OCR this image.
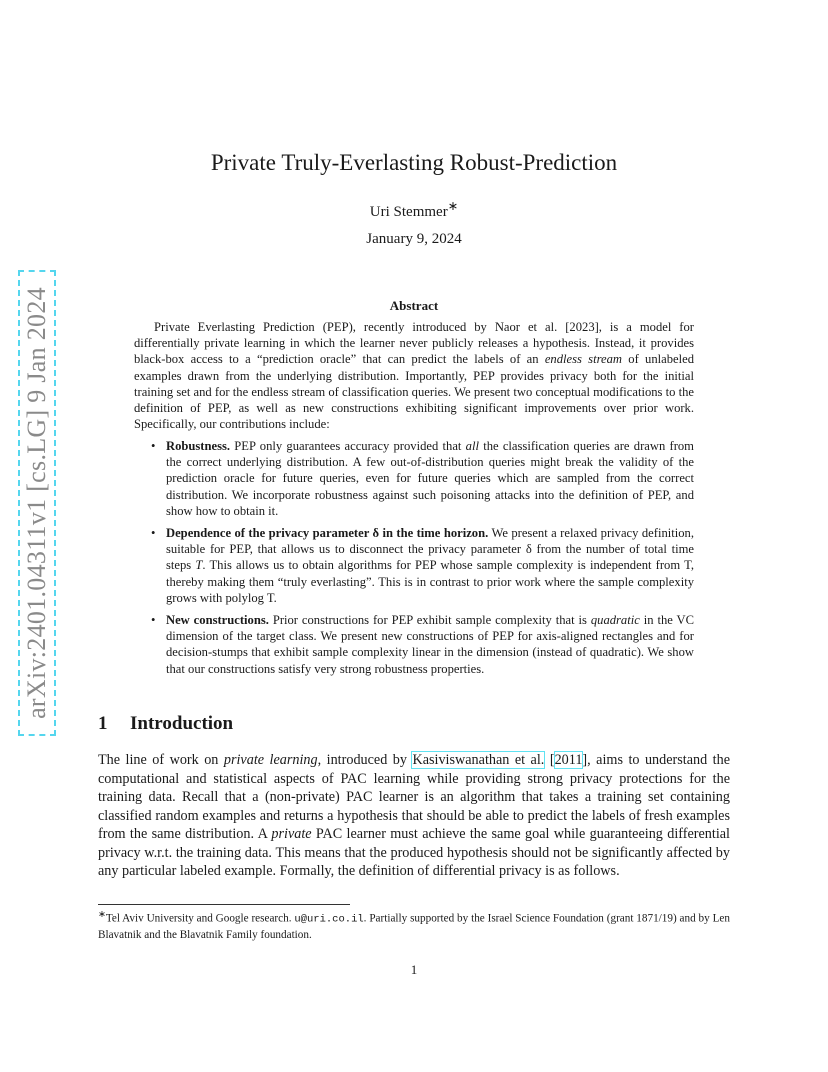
arXiv:2401.04311v1 [cs.LG] 9 Jan 2024
Private Truly-Everlasting Robust-Prediction
Uri Stemmer∗
January 9, 2024
Abstract

Private Everlasting Prediction (PEP), recently introduced by Naor et al. [2023], is a model for differentially private learning in which the learner never publicly releases a hypothesis. Instead, it provides black-box access to a “prediction oracle” that can predict the labels of an endless stream of unlabeled examples drawn from the underlying distribution. Importantly, PEP provides privacy both for the initial training set and for the endless stream of classification queries. We present two conceptual modifications to the definition of PEP, as well as new constructions exhibiting significant improvements over prior work. Specifically, our contributions include:

• Robustness. PEP only guarantees accuracy provided that all the classification queries are drawn from the correct underlying distribution. A few out-of-distribution queries might break the validity of the prediction oracle for future queries, even for future queries which are sampled from the correct distribution. We incorporate robustness against such poisoning attacks into the definition of PEP, and show how to obtain it.
• Dependence of the privacy parameter δ in the time horizon. We present a relaxed privacy definition, suitable for PEP, that allows us to disconnect the privacy parameter δ from the number of total time steps T. This allows us to obtain algorithms for PEP whose sample complexity is independent from T, thereby making them “truly everlasting”. This is in contrast to prior work where the sample complexity grows with polylog T.
• New constructions. Prior constructions for PEP exhibit sample complexity that is quadratic in the VC dimension of the target class. We present new constructions of PEP for axis-aligned rectangles and for decision-stumps that exhibit sample complexity linear in the dimension (instead of quadratic). We show that our constructions satisfy very strong robustness properties.
1 Introduction

The line of work on private learning, introduced by Kasiviswanathan et al. [2011], aims to understand the computational and statistical aspects of PAC learning while providing strong privacy protections for the training data. Recall that a (non-private) PAC learner is an algorithm that takes a training set containing classified random examples and returns a hypothesis that should be able to predict the labels of fresh examples from the same distribution. A private PAC learner must achieve the same goal while guaranteeing differential privacy w.r.t. the training data. This means that the produced hypothesis should not be significantly affected by any particular labeled example. Formally, the definition of differential privacy is as follows.

∗Tel Aviv University and Google research. u@uri.co.il. Partially supported by the Israel Science Foundation (grant 1871/19) and by Len Blavatnik and the Blavatnik Family foundation.

1
